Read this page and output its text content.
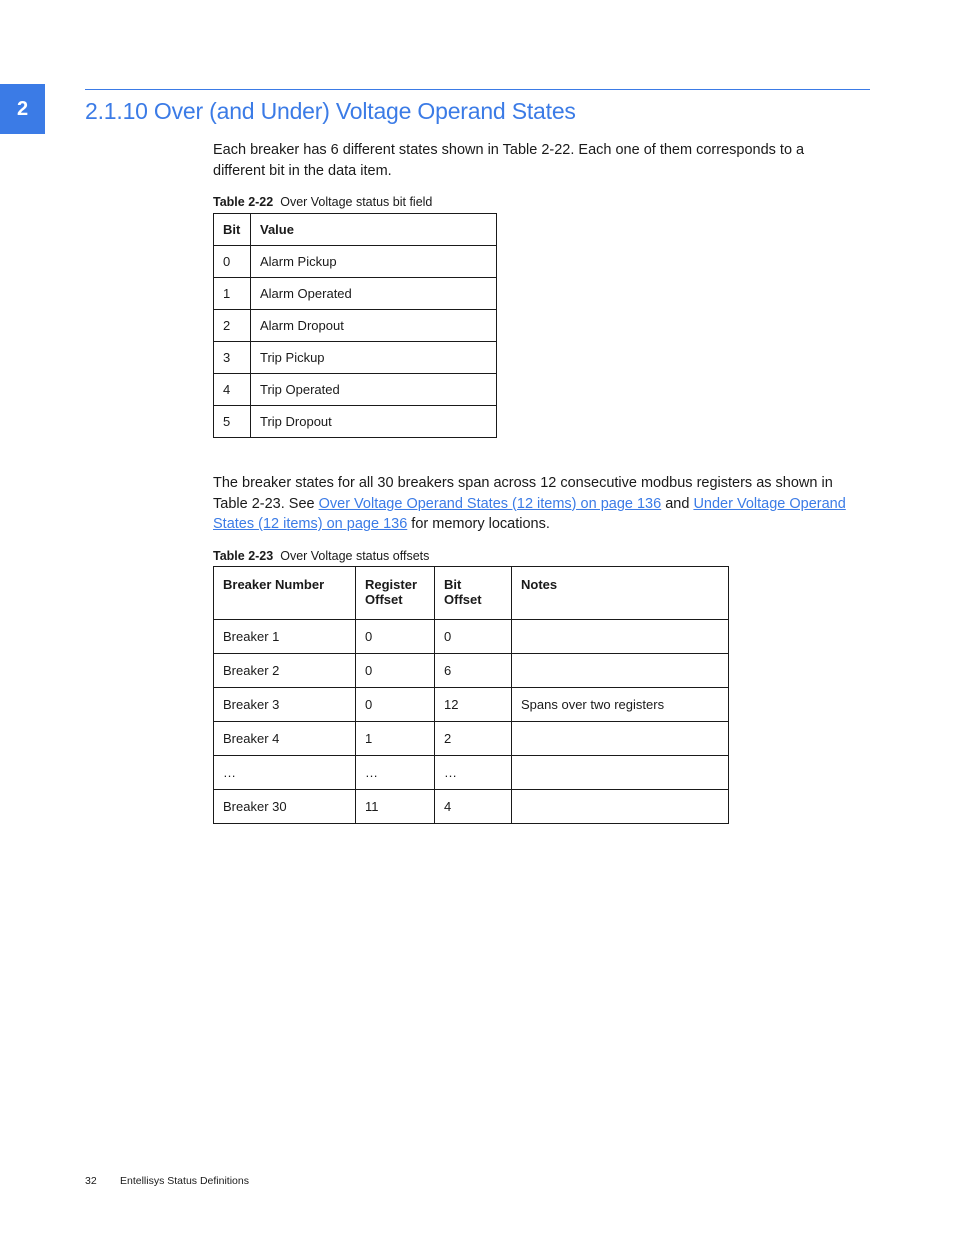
2	2.1.10 Over (and Under) Voltage Operand States

Each breaker has 6 different states shown in Table 2-22. Each one of them corresponds to a different bit in the data item.

Table 2-22 Over Voltage status bit field
Bit	Value
0	Alarm Pickup
1	Alarm Operated
2	Alarm Dropout
3	Trip Pickup
4	Trip Operated
5	Trip Dropout

The breaker states for all 30 breakers span across 12 consecutive modbus registers as shown in Table 2-23. See Over Voltage Operand States (12 items) on page 136 and Under Voltage Operand States (12 items) on page 136 for memory locations.

Table 2-23 Over Voltage status offsets
Breaker Number	Register Offset	Bit Offset	Notes
Breaker 1	0	0	
Breaker 2	0	6	
Breaker 3	0	12	Spans over two registers
Breaker 4	1	2	
…	…	…	
Breaker 30	11	4	
32 Entellisys Status Definitions
